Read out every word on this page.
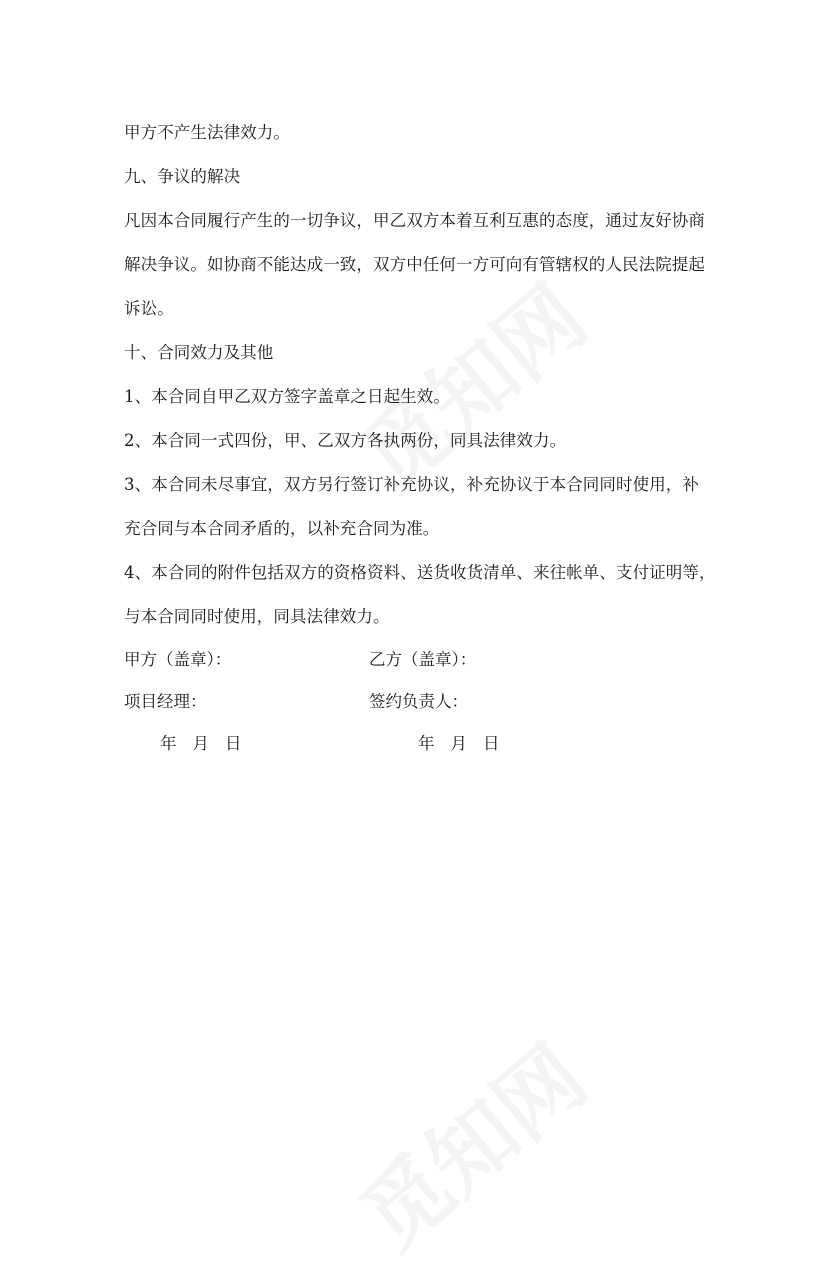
甲方不产生法律效力。
九、争议的解决
凡因本合同履行产生的一切争议，甲乙双方本着互利互惠的态度，通过友好协商
解决争议。如协商不能达成一致，双方中任何一方可向有管辖权的人民法院提起
诉讼。
十、合同效力及其他
1、本合同自甲乙双方签字盖章之日起生效。
2、本合同一式四份，甲、乙双方各执两份，同具法律效力。
3、本合同未尽事宜，双方另行签订补充协议，补充协议于本合同同时使用，补
充合同与本合同矛盾的，以补充合同为准。
4、本合同的附件包括双方的资格资料、送货收货清单、来往帐单、支付证明等，
与本合同同时使用，同具法律效力。
甲方（盖章）：	乙方（盖章）：
项目经理：	签约负责人：
年 月 日	年 月 日
